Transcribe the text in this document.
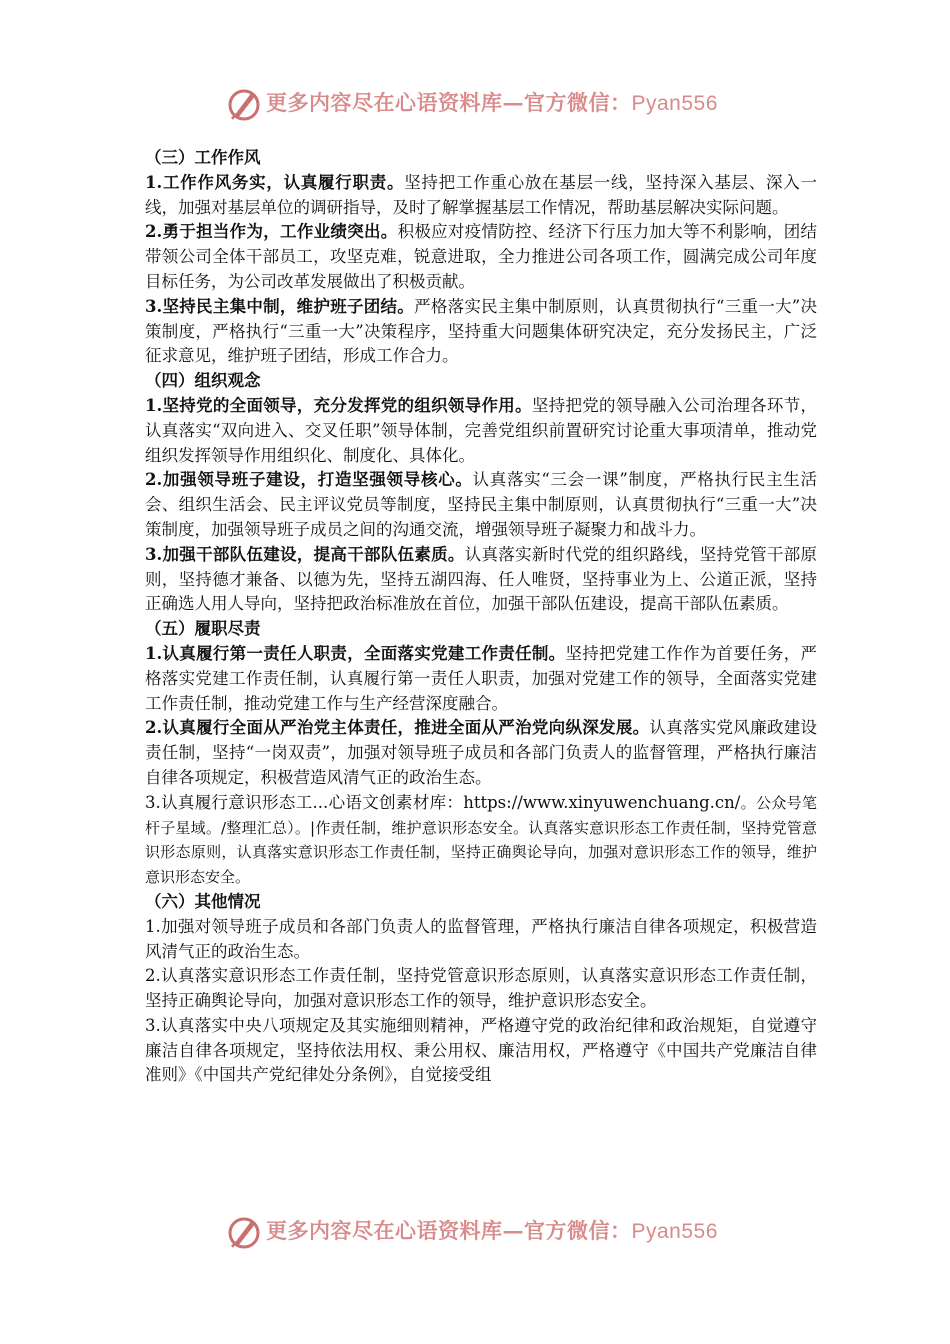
更多内容尽在心语资料库—官方微信：Pyan556

（三）工作作风

1.工作作风务实，认真履行职责。坚持把工作重心放在基层一线，坚持深入基层、深入一线，加强对基层单位的调研指导，及时了解掌握基层工作情况，帮助基层解决实际问题。

2.勇于担当作为，工作业绩突出。积极应对疫情防控、经济下行压力加大等不利影响，团结带领公司全体干部员工，攻坚克难，锐意进取，全力推进公司各项工作，圆满完成公司年度目标任务，为公司改革发展做出了积极贡献。

3.坚持民主集中制，维护班子团结。严格落实民主集中制原则，认真贯彻执行“三重一大”决策制度，严格执行“三重一大”决策程序，坚持重大问题集体研究决定，充分发扬民主，广泛征求意见，维护班子团结，形成工作合力。

（四）组织观念

1.坚持党的全面领导，充分发挥党的组织领导作用。坚持把党的领导融入公司治理各环节，认真落实“双向进入、交叉任职”领导体制，完善党组织前置研究讨论重大事项清单，推动党组织发挥领导作用组织化、制度化、具体化。

2.加强领导班子建设，打造坚强领导核心。认真落实“三会一课”制度，严格执行民主生活会、组织生活会、民主评议党员等制度，坚持民主集中制原则，认真贯彻执行“三重一大”决策制度，加强领导班子成员之间的沟通交流，增强领导班子凝聚力和战斗力。

3.加强干部队伍建设，提高干部队伍素质。认真落实新时代党的组织路线，坚持党管干部原则，坚持德才兼备、以德为先，坚持五湖四海、任人唯贤，坚持事业为上、公道正派，坚持正确选人用人导向，坚持把政治标准放在首位，加强干部队伍建设，提高干部队伍素质。

（五）履职尽责

1.认真履行第一责任人职责，全面落实党建工作责任制。坚持把党建工作作为首要任务，严格落实党建工作责任制，认真履行第一责任人职责，加强对党建工作的领导，全面落实党建工作责任制，推动党建工作与生产经营深度融合。

2.认真履行全面从严治党主体责任，推进全面从严治党向纵深发展。认真落实党风廉政建设责任制，坚持“一岗双责”，加强对领导班子成员和各部门负责人的监督管理，严格执行廉洁自律各项规定，积极营造风清气正的政治生态。

3.认真履行意识形态工...心语文创素材库：https://www.xinyuwenchuang.cn/。公众号笔杆子星域。/整理汇总）。|作责任制，维护意识形态安全。认真落实意识形态工作责任制，坚持党管意识形态原则，认真落实意识形态工作责任制，坚持正确舆论导向，加强对意识形态工作的领导，维护意识形态安全。

（六）其他情况

1.加强对领导班子成员和各部门负责人的监督管理，严格执行廉洁自律各项规定，积极营造风清气正的政治生态。

2.认真落实意识形态工作责任制，坚持党管意识形态原则，认真落实意识形态工作责任制，坚持正确舆论导向，加强对意识形态工作的领导，维护意识形态安全。

3.认真落实中央八项规定及其实施细则精神，严格遵守党的政治纪律和政治规矩，自觉遵守廉洁自律各项规定，坚持依法用权、秉公用权、廉洁用权，严格遵守《中国共产党廉洁自律准则》《中国共产党纪律处分条例》，自觉接受组

更多内容尽在心语资料库—官方微信：Pyan556
